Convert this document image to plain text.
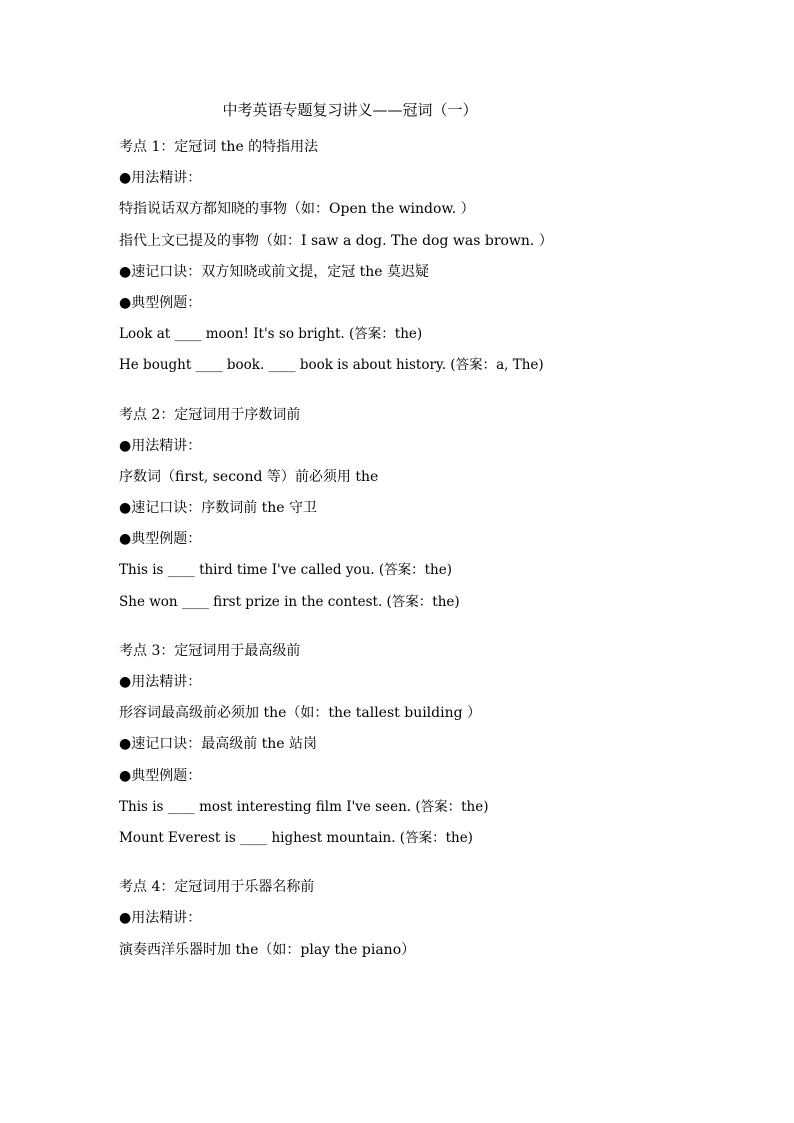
中考英语专题复习讲义——冠词（一）
考点 1：定冠词 the 的特指用法
●用法精讲：
特指说话双方都知晓的事物（如：Open the window. ）
指代上文已提及的事物（如：I saw a dog. The dog was brown. ）
●速记口诀：双方知晓或前文提，定冠 the 莫迟疑
●典型例题：
Look at ____ moon! It's so bright. (答案：the)
He bought ____ book. ____ book is about history. (答案：a, The)
考点 2：定冠词用于序数词前
●用法精讲：
序数词（first, second 等）前必须用 the
●速记口诀：序数词前 the 守卫
●典型例题：
This is ____ third time I've called you. (答案：the)
She won ____ first prize in the contest. (答案：the)
考点 3：定冠词用于最高级前
●用法精讲：
形容词最高级前必须加 the（如：the tallest building ）
●速记口诀：最高级前 the 站岗
●典型例题：
This is ____ most interesting film I've seen. (答案：the)
Mount Everest is ____ highest mountain. (答案：the)
考点 4：定冠词用于乐器名称前
●用法精讲：
演奏西洋乐器时加 the（如：play the piano）
